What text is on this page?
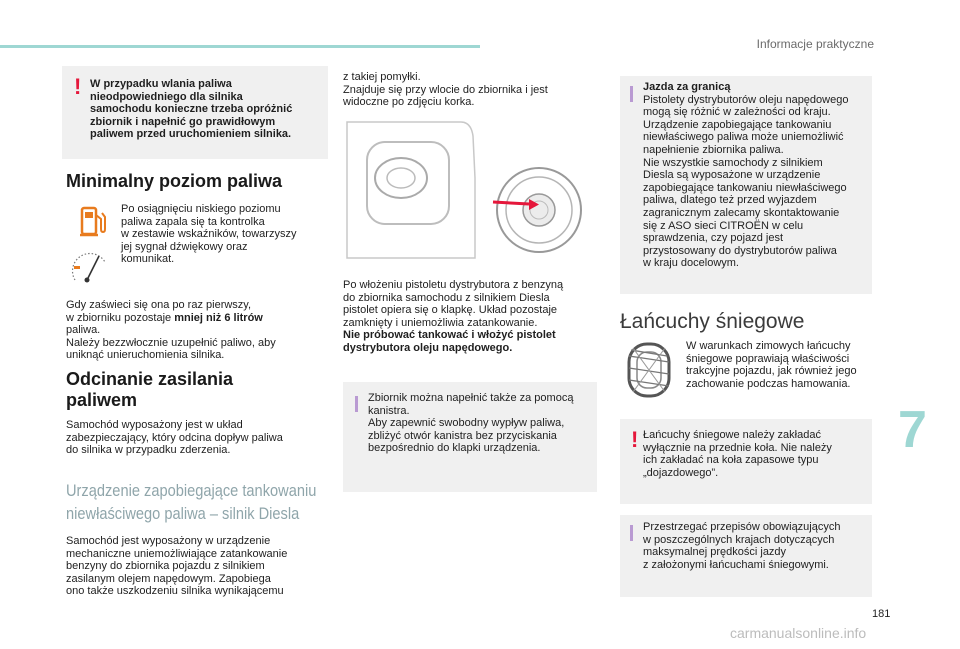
Informacje praktyczne
! W przypadku wlania paliwa
nieodpowiedniego dla silnika
samochodu konieczne trzeba opróżnić
zbiornik i napełnić go prawidłowym
paliwem przed uruchomieniem silnika.
Minimalny poziom paliwa
Po osiągnięciu niskiego poziomu
paliwa zapala się ta kontrolka
w zestawie wskaźników, towarzyszy
jej sygnał dźwiękowy oraz
komunikat.
Gdy zaświeci się ona po raz pierwszy,
w zbiorniku pozostaje mniej niż 6 litrów
paliwa.
Należy bezzwłocznie uzupełnić paliwo, aby
uniknąć unieruchomienia silnika.
Odcinanie zasilania
paliwem
Samochód wyposażony jest w układ
zabezpieczający, który odcina dopływ paliwa
do silnika w przypadku zderzenia.
Urządzenie zapobiegające tankowaniu
niewłaściwego paliwa – silnik Diesla
Samochód jest wyposażony w urządzenie
mechaniczne uniemożliwiające zatankowanie
benzyny do zbiornika pojazdu z silnikiem
zasilanym olejem napędowym. Zapobiega
ono także uszkodzeniu silnika wynikającemu
z takiej pomyłki.
Znajduje się przy wlocie do zbiornika i jest
widoczne po zdjęciu korka.
Po włożeniu pistoletu dystrybutora z benzyną
do zbiornika samochodu z silnikiem Diesla
pistolet opiera się o klapkę. Układ pozostaje
zamknięty i uniemożliwia zatankowanie.
Nie próbować tankować i włożyć pistolet
dystrybutora oleju napędowego.
Zbiornik można napełnić także za pomocą
kanistra.
Aby zapewnić swobodny wypływ paliwa,
zbliżyć otwór kanistra bez przyciskania
bezpośrednio do klapki urządzenia.
Jazda za granicą
Pistolety dystrybutorów oleju napędowego
mogą się różnić w zależności od kraju.
Urządzenie zapobiegające tankowaniu
niewłaściwego paliwa może uniemożliwić
napełnienie zbiornika paliwa.
Nie wszystkie samochody z silnikiem
Diesla są wyposażone w urządzenie
zapobiegające tankowaniu niewłaściwego
paliwa, dlatego też przed wyjazdem
zagranicznym zalecamy skontaktowanie
się z ASO sieci CITROËN w celu
sprawdzenia, czy pojazd jest
przystosowany do dystrybutorów paliwa
w kraju docelowym.
Łańcuchy śniegowe
W warunkach zimowych łańcuchy
śniegowe poprawiają właściwości
trakcyjne pojazdu, jak również jego
zachowanie podczas hamowania.
! Łańcuchy śniegowe należy zakładać
wyłącznie na przednie koła. Nie należy
ich zakładać na koła zapasowe typu
„dojazdowego”.
Przestrzegać przepisów obowiązujących
w poszczególnych krajach dotyczących
maksymalnej prędkości jazdy
z założonymi łańcuchami śniegowymi.
7
181
carmanualsonline.info
